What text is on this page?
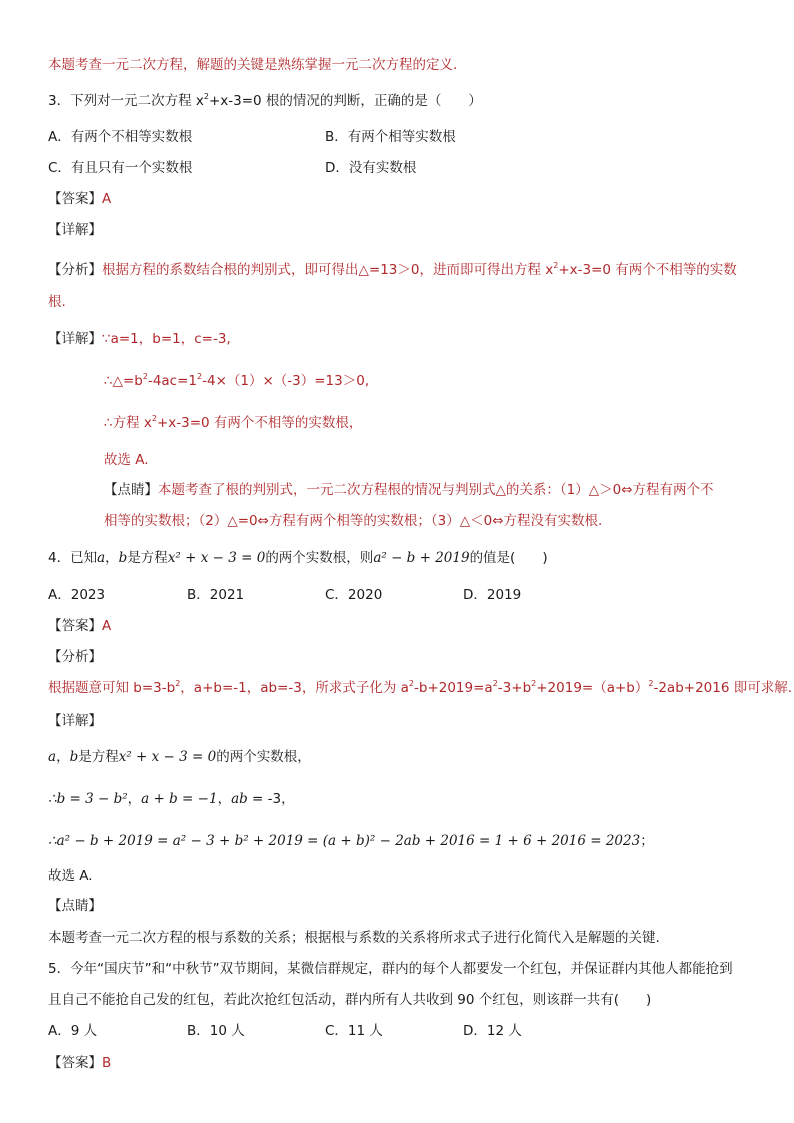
本题考查一元二次方程，解题的关键是熟练掌握一元二次方程的定义.
3．下列对一元二次方程 $x^2+x-3=0$ 根的情况的判断，正确的是（　　）
A．有两个不相等实数根	B．有两个相等实数根
C．有且只有一个实数根	D．没有实数根
【答案】A
【详解】
【分析】根据方程的系数结合根的判别式，即可得出△=13＞0，进而即可得出方程 $x^2+x-3=0$ 有两个不相等的实数
根.
【详解】∵a=1，b=1，c=-3,
$\therefore\triangle=b^2-4ac=1^2-4\times(1)\times(-3)=13>0$,
∴方程 $x^2+x-3=0$ 有两个不相等的实数根，
故选 A.
【点睛】本题考查了根的判别式，一元二次方程根的情况与判别式△的关系：（1）△＞0⇔方程有两个不
相等的实数根；（2）△=0⇔方程有两个相等的实数根；（3）△＜0⇔方程没有实数根.
4．已知a，b是方程x² + x − 3 = 0的两个实数根，则a² − b + 2019的值是(　　)
A．2023	B．2021	C．2020	D．2019
【答案】A
【分析】
根据题意可知 $b=3-b^2$，a+b=-1，ab=-3，所求式子化为 $a^2-b+2019=a^2-3+b^2+2019=(a+b)^2-2ab+2016$ 即可求解.
【详解】
a，b是方程x² + x − 3 = 0的两个实数根，
∴b = 3 − b²，a + b = −1，ab = -3，
∴a² − b + 2019 = a² − 3 + b² + 2019 = (a + b)² − 2ab + 2016 = 1 + 6 + 2016 = 2023；
故选 A.
【点睛】
本题考查一元二次方程的根与系数的关系；根据根与系数的关系将所求式子进行化简代入是解题的关键.
5．今年“国庆节”和“中秋节”双节期间，某微信群规定，群内的每个人都要发一个红包，并保证群内其他人都能抢到
且自己不能抢自己发的红包，若此次抢红包活动，群内所有人共收到 90 个红包，则该群一共有(　　)
A．9 人	B．10 人	C．11 人	D．12 人
【答案】B
